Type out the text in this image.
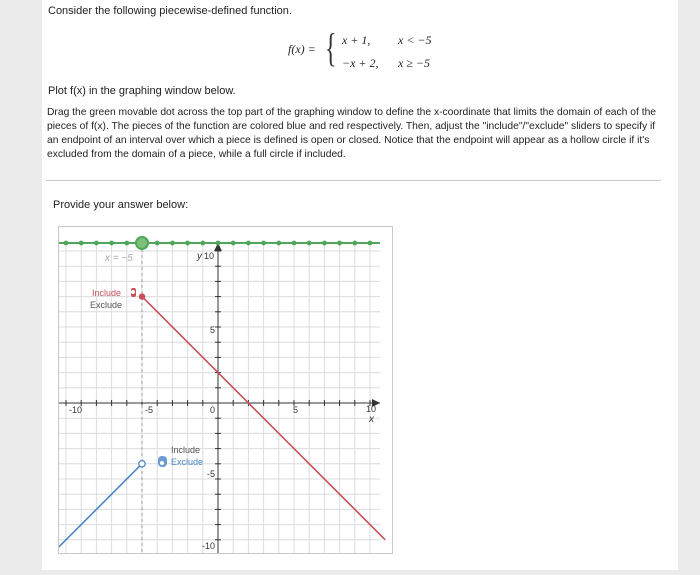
Consider the following piecewise-defined function.
f(x) = { x + 1, x < −5
−x + 2, x ≥ −5
Plot f(x) in the graphing window below.
Drag the green movable dot across the top part of the graphing window to define the x-coordinate that limits the domain of each of the pieces of f(x). The pieces of the function are colored blue and red respectively. Then, adjust the "include"/"exclude" sliders to specify if an endpoint of an interval over which a piece is defined is open or closed. Notice that the endpoint will appear as a hollow circle if it's excluded from the domain of a piece, while a full circle if included.
Provide your answer below:
-10	-5	0	5	10
x
y 10
5
-5
-10
x = −5
Include
Exclude
Include
Exclude
